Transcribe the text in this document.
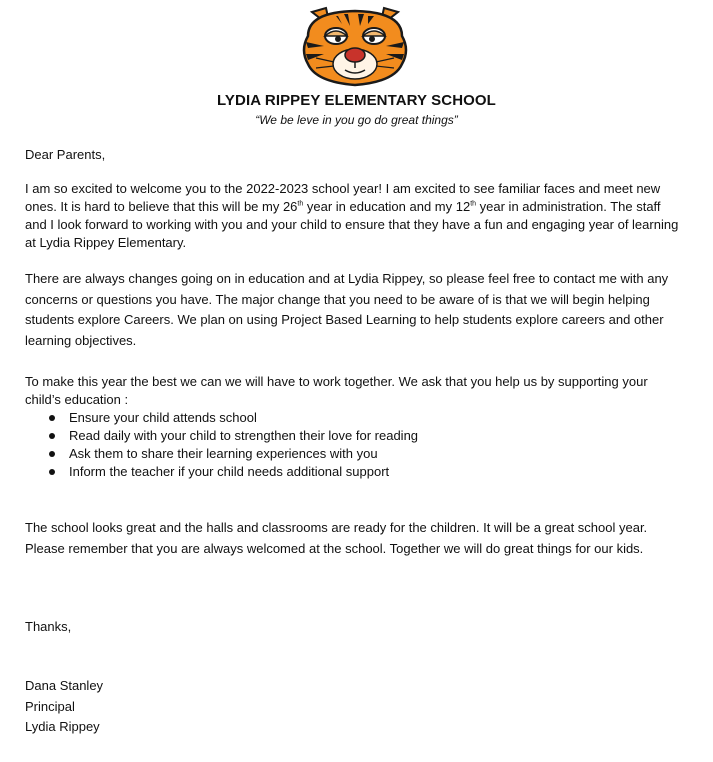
LYDIA RIPPEY ELEMENTARY SCHOOL
“We be leve in you go do great things”
Dear Parents,
I am so excited to welcome you to the 2022-2023 school year! I am excited to see familiar faces and meet new ones. It is hard to believe that this will be my 26th year in education and my 12th year in administration. The staff and I look forward to working with you and your child to ensure that they have a fun and engaging year of learning at Lydia Rippey Elementary.
There are always changes going on in education and at Lydia Rippey, so please feel free to contact me with any concerns or questions you have. The major change that you need to be aware of is that we will begin helping students explore Careers. We plan on using Project Based Learning to help students explore careers and other learning objectives.
To make this year the best we can we will have to work together. We ask that you help us by supporting your child’s education :
Ensure your child attends school
Read daily with your child to strengthen their love for reading
Ask them to share their learning experiences with you
Inform the teacher if your child needs additional support
The school looks great and the halls and classrooms are ready for the children. It will be a great school year. Please remember that you are always welcomed at the school. Together we will do great things for our kids.
Thanks,
Dana Stanley
Principal
Lydia Rippey
